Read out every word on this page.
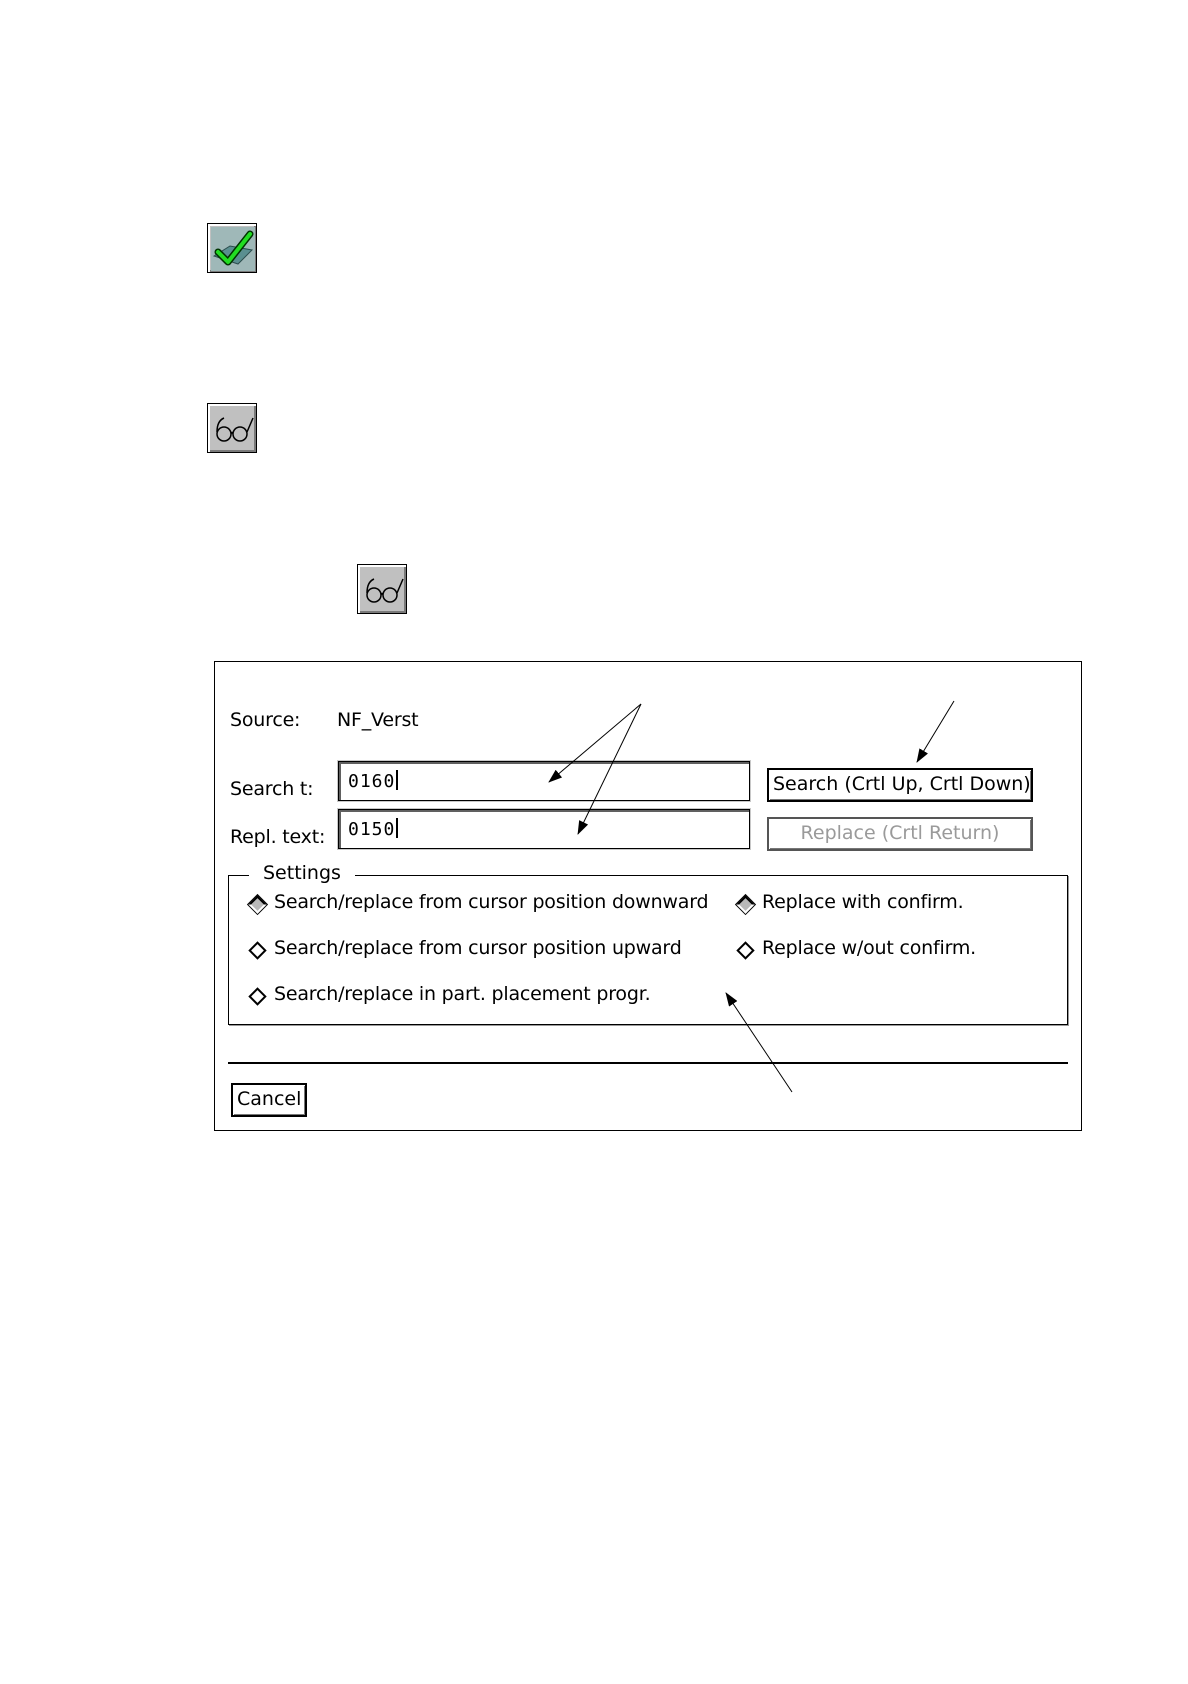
Source: NF_Verst
Search t: 0160
Repl. text: 0150
Search (Crtl Up, Crtl Down)
Replace (Crtl Return)
Settings
Search/replace from cursor position downward
Search/replace from cursor position upward
Search/replace in part. placement progr.
Replace with confirm.
Replace w/out confirm.
Cancel
